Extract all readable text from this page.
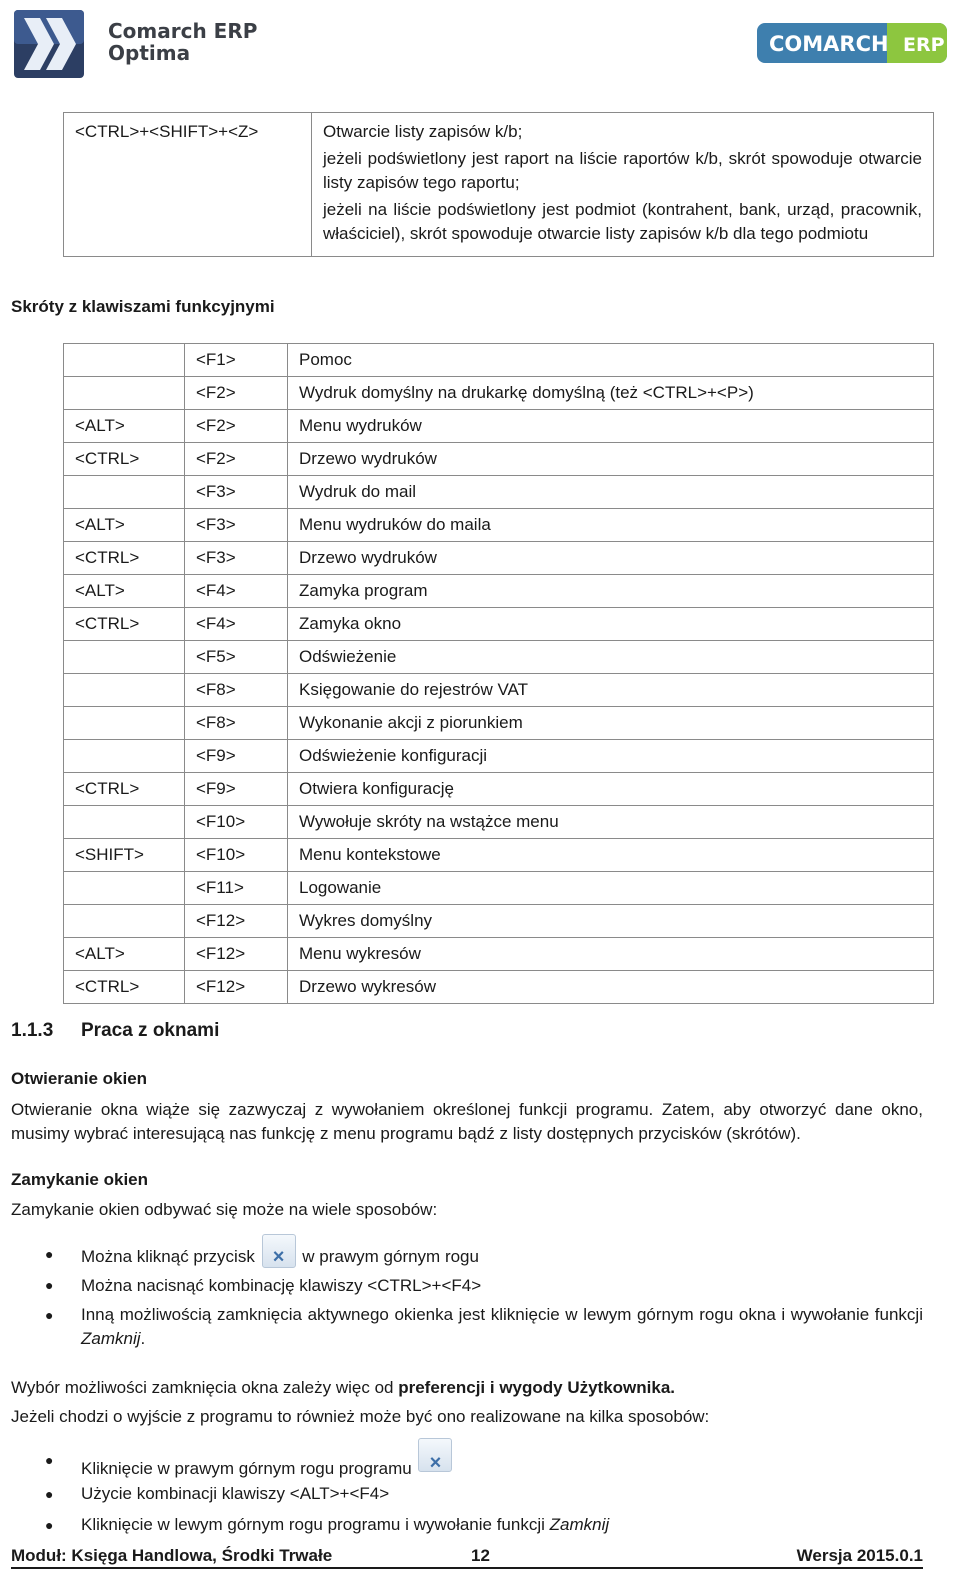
Comarch ERP
Optima	COMARCH ERP
<CTRL>+<SHIFT>+<Z>	Otwarcie listy zapisów k/b;

jeżeli podświetlony jest raport na liście raportów k/b, skrót spowoduje otwarcie listy zapisów tego raportu;

jeżeli na liście podświetlony jest podmiot (kontrahent, bank, urząd, pracownik, właściciel), skrót spowoduje otwarcie listy zapisów k/b dla tego podmiotu

Skróty z klawiszami funkcyjnymi
	<F1>	Pomoc
	<F2>	Wydruk domyślny na drukarkę domyślną (też <CTRL>+<P>)
<ALT>	<F2>	Menu wydruków
<CTRL>	<F2>	Drzewo wydruków
	<F3>	Wydruk do mail
<ALT>	<F3>	Menu wydruków do maila
<CTRL>	<F3>	Drzewo wydruków
<ALT>	<F4>	Zamyka program
<CTRL>	<F4>	Zamyka okno
	<F5>	Odświeżenie
	<F8>	Księgowanie do rejestrów VAT
	<F8>	Wykonanie akcji z piorunkiem
	<F9>	Odświeżenie konfiguracji
<CTRL>	<F9>	Otwiera konfigurację
	<F10>	Wywołuje skróty na wstążce menu
<SHIFT>	<F10>	Menu kontekstowe
	<F11>	Logowanie
	<F12>	Wykres domyślny
<ALT>	<F12>	Menu wykresów
<CTRL>	<F12>	Drzewo wykresów
1.1.3 Praca z oknami
Otwieranie okien

Otwieranie okna wiąże się zazwyczaj z wywołaniem określonej funkcji programu. Zatem, aby otworzyć dane okno, musimy wybrać interesującą nas funkcję z menu programu bądź z listy dostępnych przycisków (skrótów).

Zamykanie okien

Zamykanie okien odbywać się może na wiele sposobów:

● Można kliknąć przycisk ×	w prawym górnym rogu
● Można nacisnąć kombinację klawiszy <CTRL>+<F4>
● Inną możliwością zamknięcia aktywnego okienka jest kliknięcie w lewym górnym rogu okna i wywołanie funkcji Zamknij.

Wybór możliwości zamknięcia okna zależy więc od preferencji i wygody Użytkownika.

Jeżeli chodzi o wyjście z programu to również może być ono realizowane na kilka sposobów:

● Kliknięcie w prawym górnym rogu programu ×
● Użycie kombinacji klawiszy <ALT>+<F4>
● Kliknięcie w lewym górnym rogu programu i wywołanie funkcji Zamknij
Moduł: Księga Handlowa, Środki Trwałe	12	Wersja 2015.0.1
